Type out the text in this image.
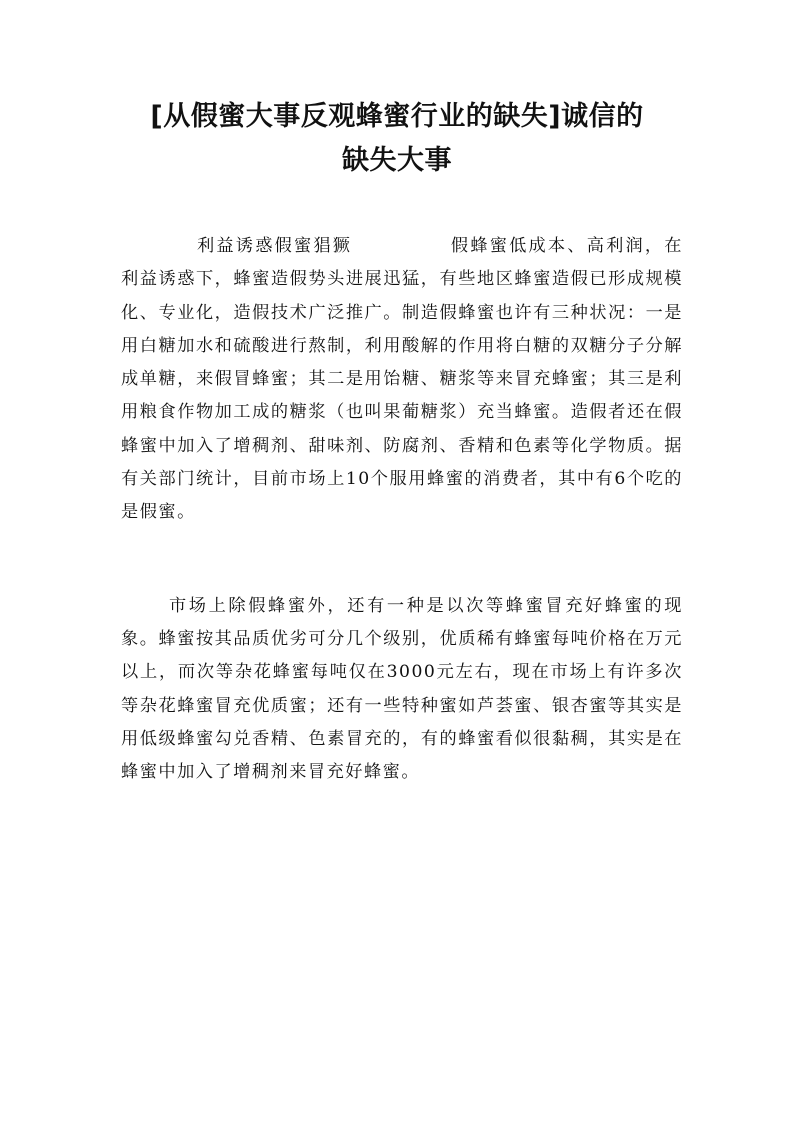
[从假蜜大事反观蜂蜜行业的缺失]诚信的
缺失大事

利益诱惑假蜜猖獗	假蜂蜜低成本、高利润，在利益诱惑下，蜂蜜造假势头进展迅猛，有些地区蜂蜜造假已形成规模化、专业化，造假技术广泛推广。制造假蜂蜜也许有三种状况：一是用白糖加水和硫酸进行熬制，利用酸解的作用将白糖的双糖分子分解成单糖，来假冒蜂蜜；其二是用饴糖、糖浆等来冒充蜂蜜；其三是利用粮食作物加工成的糖浆（也叫果葡糖浆）充当蜂蜜。造假者还在假蜂蜜中加入了增稠剂、甜味剂、防腐剂、香精和色素等化学物质。据有关部门统计，目前市场上10个服用蜂蜜的消费者，其中有6个吃的是假蜜。

市场上除假蜂蜜外，还有一种是以次等蜂蜜冒充好蜂蜜的现象。蜂蜜按其品质优劣可分几个级别，优质稀有蜂蜜每吨价格在万元以上，而次等杂花蜂蜜每吨仅在3000元左右，现在市场上有许多次等杂花蜂蜜冒充优质蜜；还有一些特种蜜如芦荟蜜、银杏蜜等其实是用低级蜂蜜勾兑香精、色素冒充的，有的蜂蜜看似很黏稠，其实是在蜂蜜中加入了增稠剂来冒充好蜂蜜。
